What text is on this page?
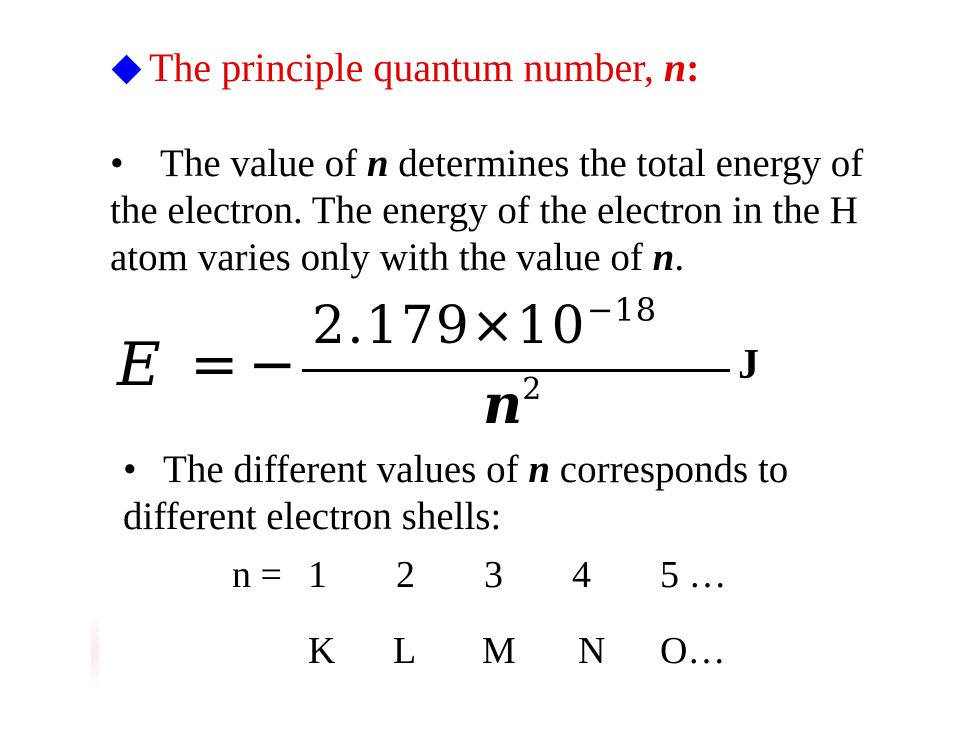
The principle quantum number, n:
• The value of n determines the total energy of the electron. The energy of the electron in the H atom varies only with the value of n.
E = −
$2.179\times 10^{-18}$
$n^2$
J
• The different values of n corresponds to different electron shells:
n = 1 2 3 4 5 …
K L M N O…
